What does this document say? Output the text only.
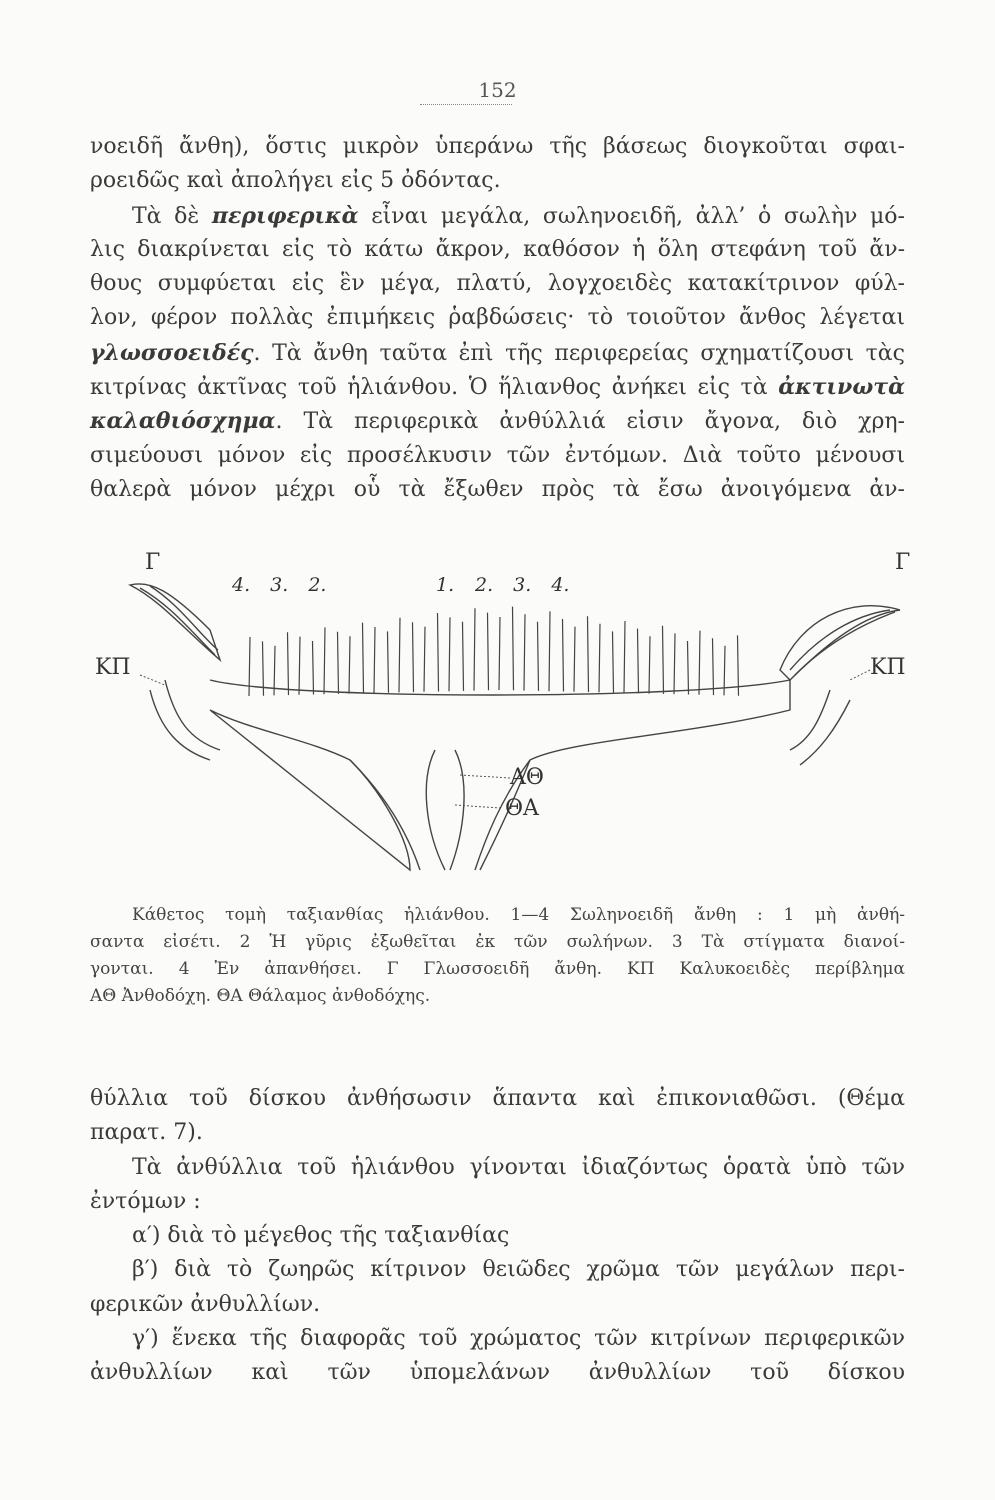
152
νοειδῆ ἄνθη), ὅστις μικρὸν ὑπεράνω τῆς βάσεως διογκοῦται σφαι-
ροειδῶς καὶ ἀπολήγει εἰς 5 ὀδόντας.
Τὰ δὲ περιφερικὰ εἶναι μεγάλα, σωληνοειδῆ, ἀλλ’ ὁ σωλὴν μό-
λις διακρίνεται εἰς τὸ κάτω ἄκρον, καθόσον ἡ ὅλη στεφάνη τοῦ ἄν-
θους συμφύεται εἰς ἓν μέγα, πλατύ, λογχοειδὲς κατακίτρινον φύλ-
λον, φέρον πολλὰς ἐπιμήκεις ῥαβδώσεις· τὸ τοιοῦτον ἄνθος λέγεται
γλωσσοειδές. Τὰ ἄνθη ταῦτα ἐπὶ τῆς περιφερείας σχηματίζουσι τὰς
κιτρίνας ἀκτῖνας τοῦ ἡλιάνθου. Ὁ ἥλιανθος ἀνήκει εἰς τὰ ἀκτινωτὰ
καλαθιόσχημα. Τὰ περιφερικὰ ἀνθύλλιά εἰσιν ἄγονα, διὸ χρη-
σιμεύουσι μόνον εἰς προσέλκυσιν τῶν ἐντόμων. Διὰ τοῦτο μένουσι
θαλερὰ μόνον μέχρι οὗ τὰ ἔξωθεν πρὸς τὰ ἔσω ἀνοιγόμενα ἀν-
Γ	Γ
4. 3. 2.	1. 2. 3. 4.
ΚΠ	ΚΠ
ΑΘ
ΘΑ
Κάθετος τομὴ ταξιανθίας ἡλιάνθου. 1—4 Σωληνοειδῆ ἄνθη : 1 μὴ ἀνθή-
σαντα εἰσέτι. 2 Ἡ γῦρις ἐξωθεῖται ἐκ τῶν σωλήνων. 3 Τὰ στίγματα διανοί-
γονται. 4 Ἐν ἀπανθήσει. Γ Γλωσσοειδῆ ἄνθη. ΚΠ Καλυκοειδὲς περίβλημα
ΑΘ Ἀνθοδόχη. ΘΑ Θάλαμος ἀνθοδόχης.
θύλλια τοῦ δίσκου ἀνθήσωσιν ἅπαντα καὶ ἐπικονιαθῶσι. (Θέμα
παρατ. 7).
Τὰ ἀνθύλλια τοῦ ἡλιάνθου γίνονται ἰδιαζόντως ὁρατὰ ὑπὸ τῶν
ἐντόμων :
α′) διὰ τὸ μέγεθος τῆς ταξιανθίας
β′) διὰ τὸ ζωηρῶς κίτρινον θειῶδες χρῶμα τῶν μεγάλων περι-
φερικῶν ἀνθυλλίων.
γ′) ἕνεκα τῆς διαφορᾶς τοῦ χρώματος τῶν κιτρίνων περιφερικῶν
ἀνθυλλίων καὶ τῶν ὑπομελάνων ἀνθυλλίων τοῦ δίσκου
